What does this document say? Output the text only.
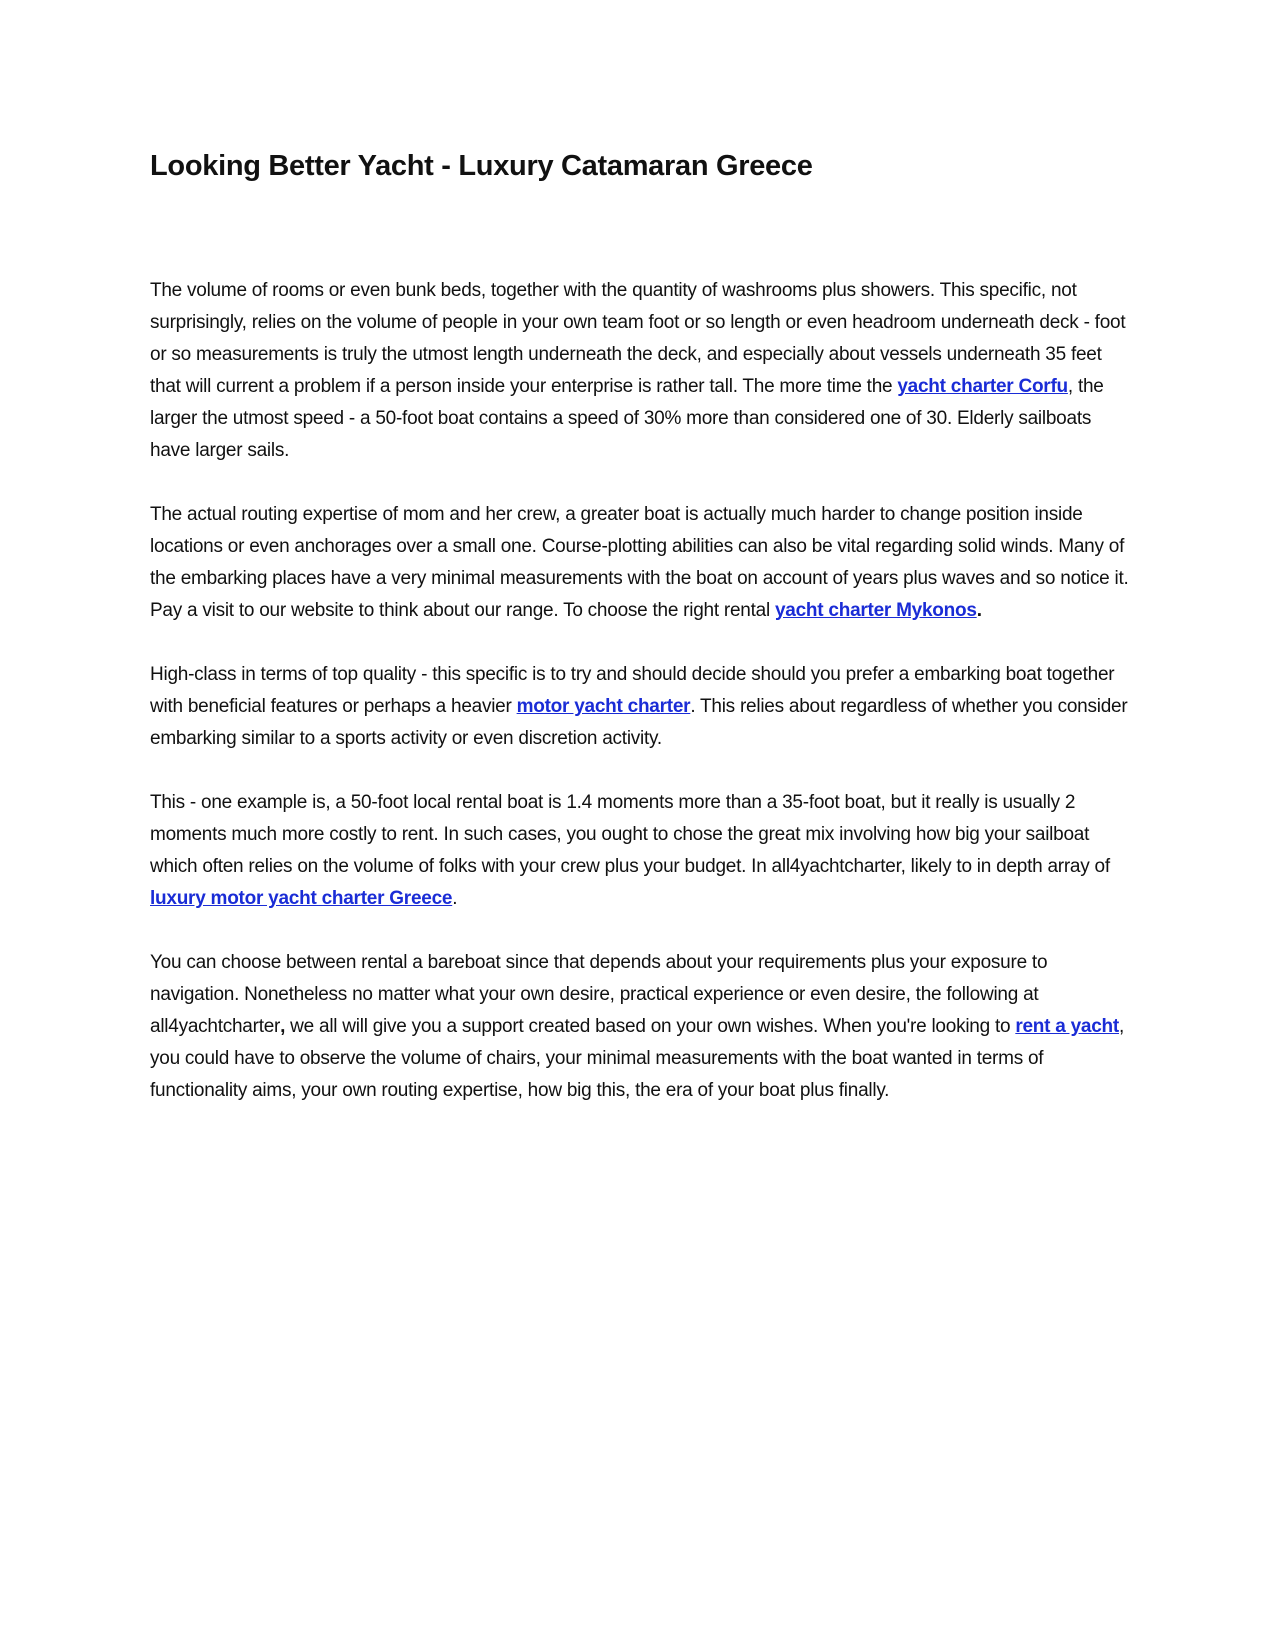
Looking Better Yacht - Luxury Catamaran Greece

The volume of rooms or even bunk beds, together with the quantity of washrooms plus showers. This specific, not surprisingly, relies on the volume of people in your own team foot or so length or even headroom underneath deck - foot or so measurements is truly the utmost length underneath the deck, and especially about vessels underneath 35 feet that will current a problem if a person inside your enterprise is rather tall. The more time the yacht charter Corfu, the larger the utmost speed - a 50-foot boat contains a speed of 30% more than considered one of 30. Elderly sailboats have larger sails.

The actual routing expertise of mom and her crew, a greater boat is actually much harder to change position inside locations or even anchorages over a small one. Course-plotting abilities can also be vital regarding solid winds. Many of the embarking places have a very minimal measurements with the boat on account of years plus waves and so notice it. Pay a visit to our website to think about our range. To choose the right rental yacht charter Mykonos.

High-class in terms of top quality - this specific is to try and should decide should you prefer a embarking boat together with beneficial features or perhaps a heavier motor yacht charter. This relies about regardless of whether you consider embarking similar to a sports activity or even discretion activity.

This - one example is, a 50-foot local rental boat is 1.4 moments more than a 35-foot boat, but it really is usually 2 moments much more costly to rent. In such cases, you ought to chose the great mix involving how big your sailboat which often relies on the volume of folks with your crew plus your budget. In all4yachtcharter, likely to in depth array of luxury motor yacht charter Greece.

You can choose between rental a bareboat since that depends about your requirements plus your exposure to navigation. Nonetheless no matter what your own desire, practical experience or even desire, the following at all4yachtcharter, we all will give you a support created based on your own wishes. When you're looking to rent a yacht, you could have to observe the volume of chairs, your minimal measurements with the boat wanted in terms of functionality aims, your own routing expertise, how big this, the era of your boat plus finally.
